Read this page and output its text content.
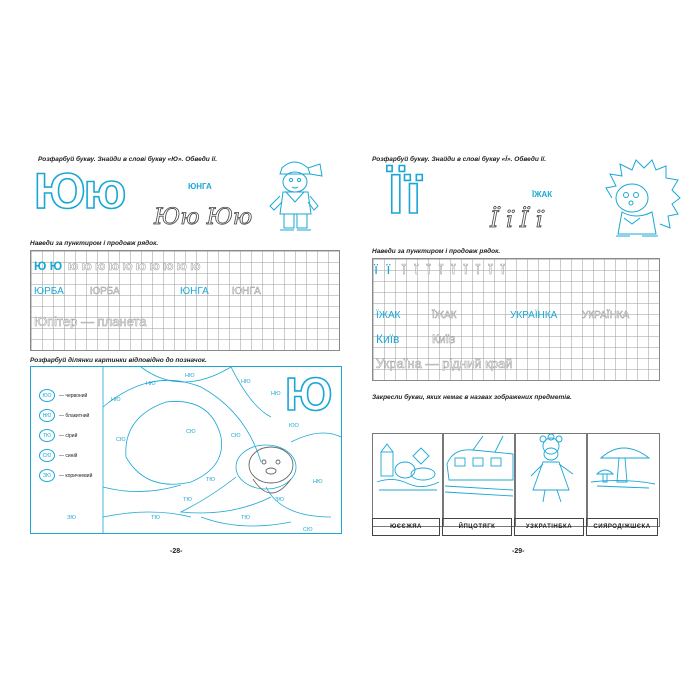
Розфарбуй букву. Знайди в слові букву «Ю». Обведи її.
Юю	ЮНГА
Юю Юю
Наведи за пунктиром і продовж рядок.
Ю Ю ю ю ю ю ю ю ю ю ю ю
ЮРБА	ЮРБА	ЮНГА ЮНГА
Юпітер — планета
Розфарбуй ділянки картинки відповідно до позначок.
Ю
ЮО	— червоний
НЮ	— блакитний
ТЮ	— сірий
СЮ	— синій
ЗЮ	— коричневий
НЮ
НЮ	НЮ
НЮ
НЮ
НЮ
СЮ
СЮ
СЮ
СЮ
ТЮ
ТЮ
ТЮ	ТЮ
ЗЮ
ЗЮ
ЮО
-28-
Розфарбуй букву. Знайди в слові букву «Ї». Обведи її.
Її	ЇЖАК
Ї ї Ї ї
Наведи за пунктиром і продовж рядок.
ї ї ї ї ї ї ї ї ї ї ї
ЇЖАК	ЇЖАК	УКРАЇНКА УКРАЇНКА
Київ	Київ
Україна — рідний край
Закресли букви, яких немає в назвах зображених предметів.
ЮЄЄЖЯА	ЙПЦОТЯГК	УЗКРАТІНБКА	СИЯРОДІЖШЄКА
-29-
